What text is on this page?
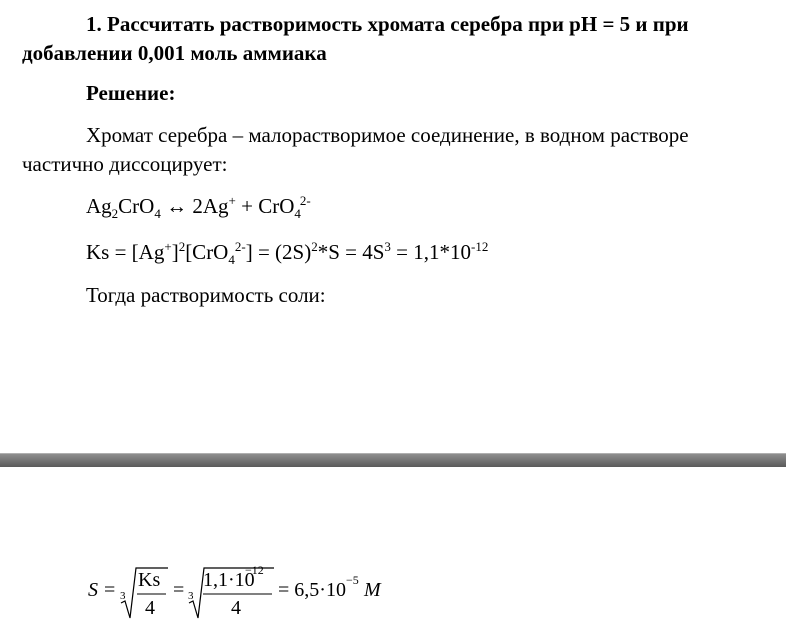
1. Рассчитать растворимость хромата серебра при рН = 5 и при добавлении 0,001 моль аммиака

Решение:

Хромат серебра – малорастворимое соединение, в водном растворе частично диссоцирует:

$Ag_2CrO_4$ ↔ 2Ag+ + CrO$_4^{2-}$

$Ks = [Ag^+]^2[CrO_4^{2-}] = (2S)^2*S = 4S^3 = 1,1*10^{-12}$

Тогда растворимость соли:

S = 3
Ks
4
= 3
1,1·10
−12
4
= 6,5·10 −5 M
